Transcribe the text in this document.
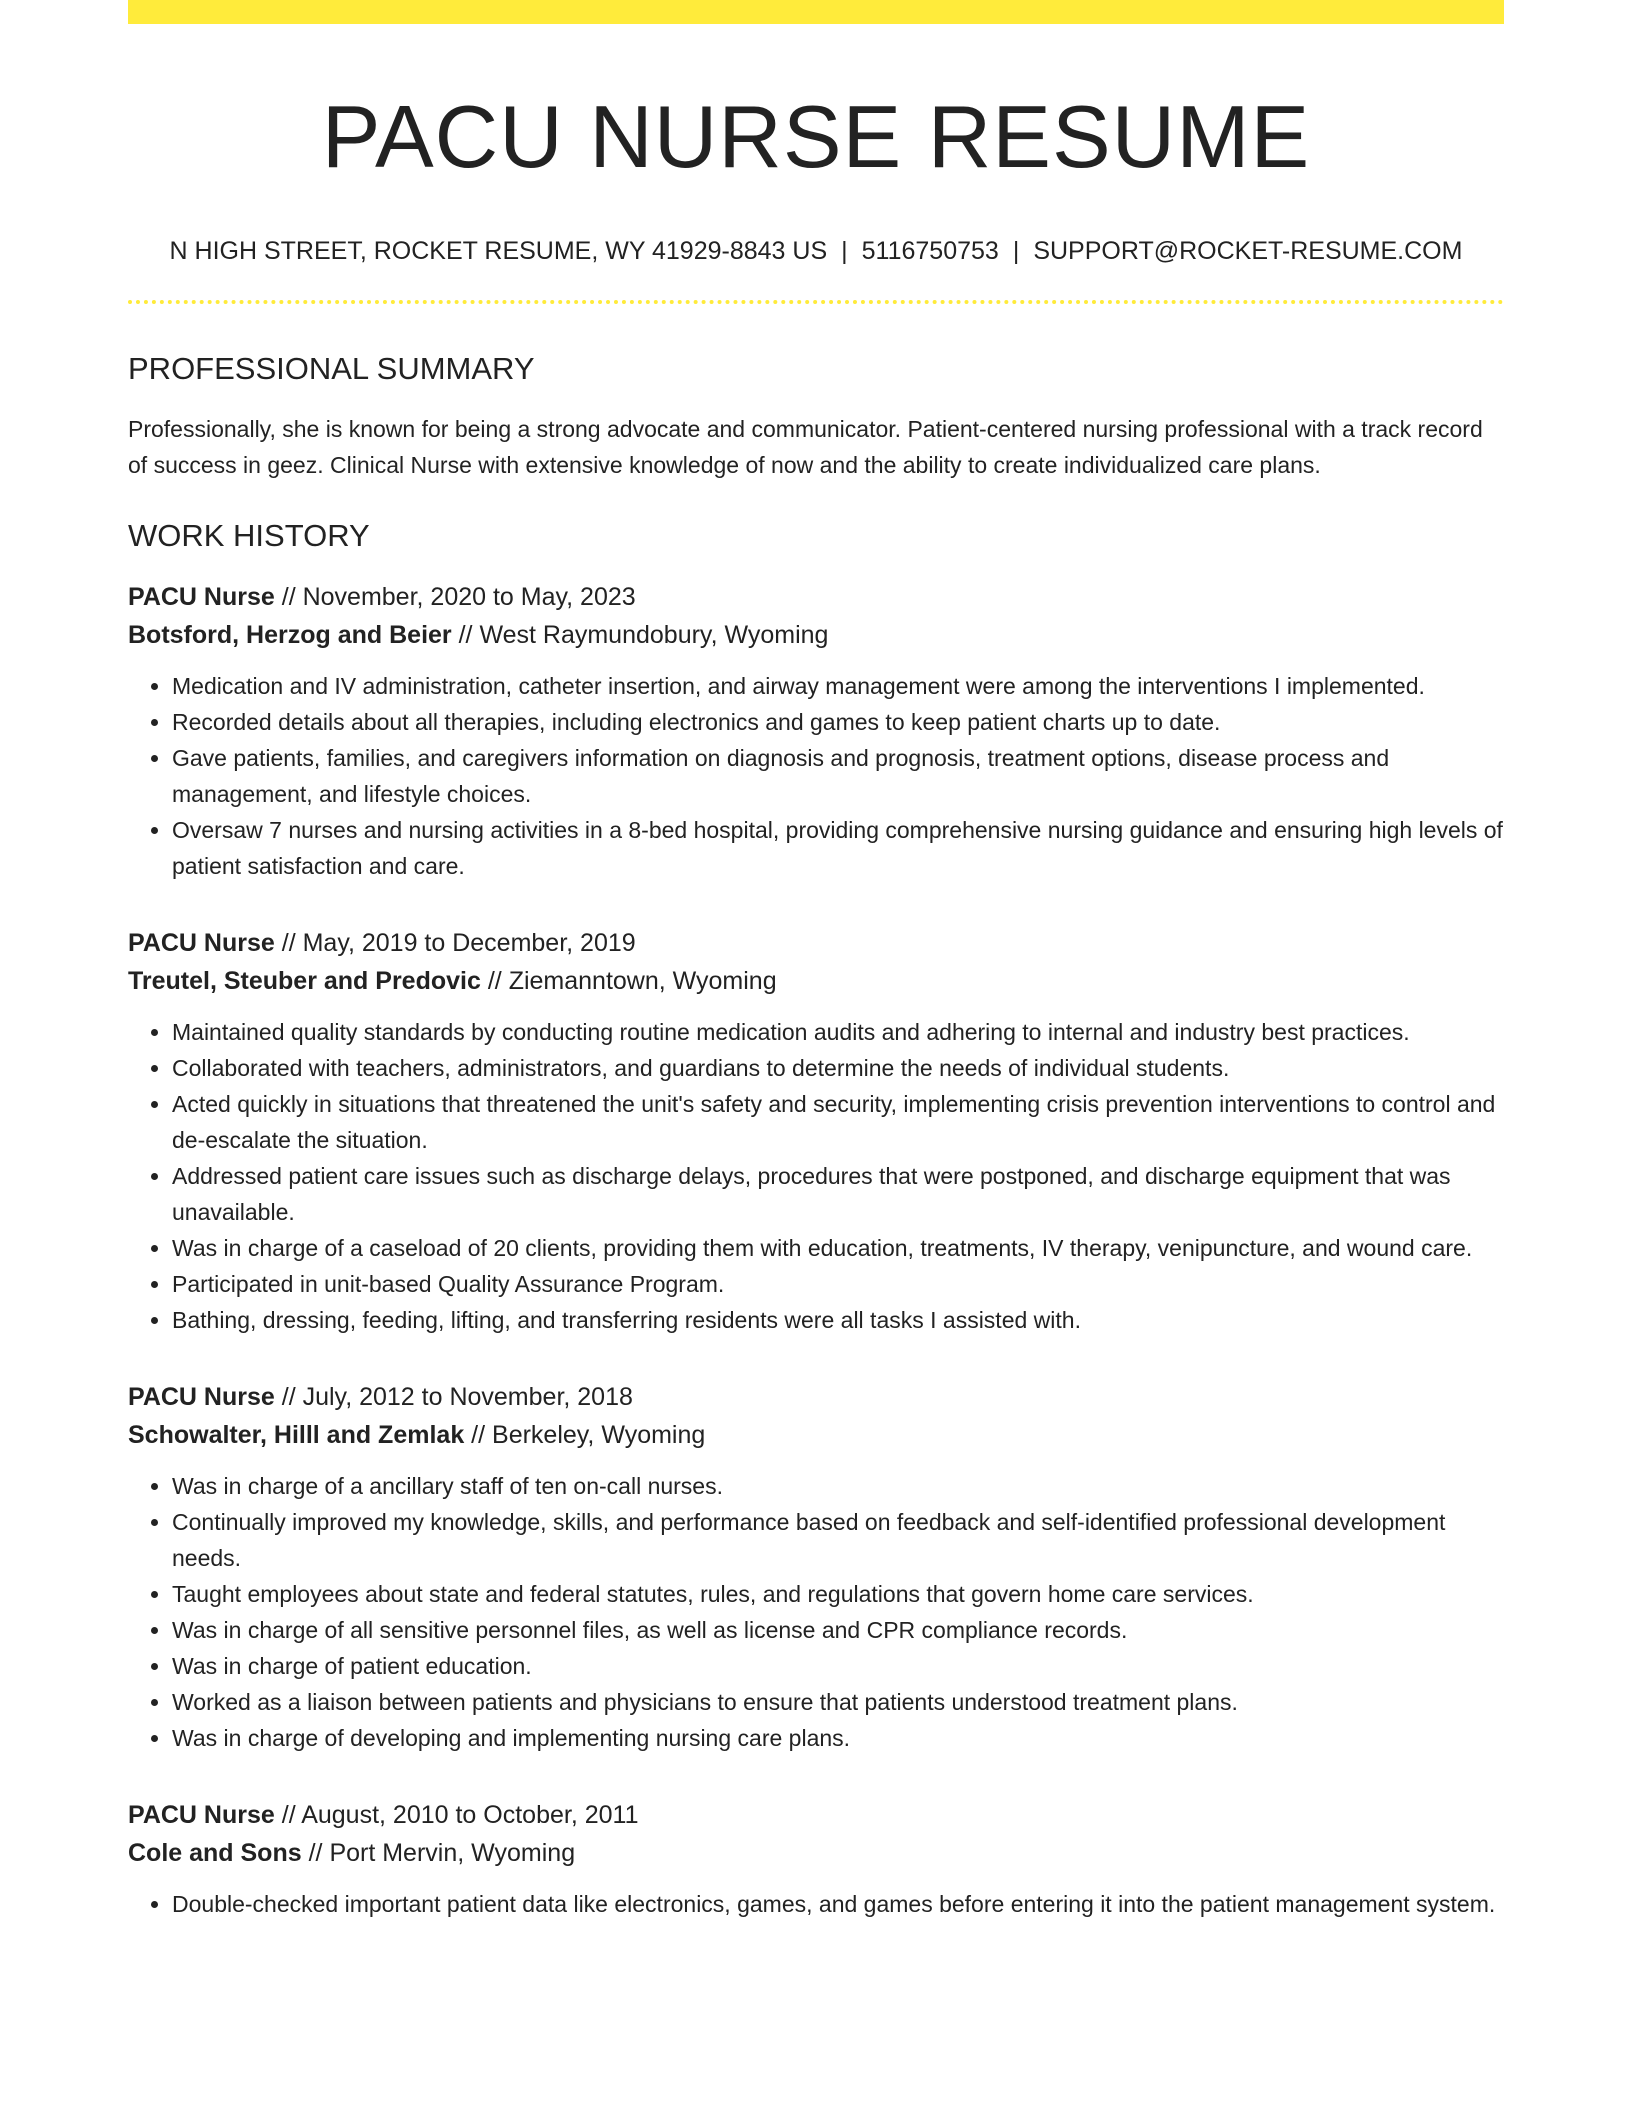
PACU NURSE RESUME
N HIGH STREET, ROCKET RESUME, WY 41929-8843 US | 5116750753 | SUPPORT@ROCKET-RESUME.COM
PROFESSIONAL SUMMARY

Professionally, she is known for being a strong advocate and communicator. Patient-centered nursing professional with a track record of success in geez. Clinical Nurse with extensive knowledge of now and the ability to create individualized care plans.

WORK HISTORY
PACU Nurse // November, 2020 to May, 2023
Botsford, Herzog and Beier // West Raymundobury, Wyoming
• Medication and IV administration, catheter insertion, and airway management were among the interventions I implemented.
• Recorded details about all therapies, including electronics and games to keep patient charts up to date.
• Gave patients, families, and caregivers information on diagnosis and prognosis, treatment options, disease process and management, and lifestyle choices.
• Oversaw 7 nurses and nursing activities in a 8-bed hospital, providing comprehensive nursing guidance and ensuring high levels of patient satisfaction and care.
PACU Nurse // May, 2019 to December, 2019
Treutel, Steuber and Predovic // Ziemanntown, Wyoming
• Maintained quality standards by conducting routine medication audits and adhering to internal and industry best practices.
• Collaborated with teachers, administrators, and guardians to determine the needs of individual students.
• Acted quickly in situations that threatened the unit's safety and security, implementing crisis prevention interventions to control and de-escalate the situation.
• Addressed patient care issues such as discharge delays, procedures that were postponed, and discharge equipment that was unavailable.
• Was in charge of a caseload of 20 clients, providing them with education, treatments, IV therapy, venipuncture, and wound care.
• Participated in unit-based Quality Assurance Program.
• Bathing, dressing, feeding, lifting, and transferring residents were all tasks I assisted with.
PACU Nurse // July, 2012 to November, 2018
Schowalter, Hilll and Zemlak // Berkeley, Wyoming
• Was in charge of a ancillary staff of ten on-call nurses.
• Continually improved my knowledge, skills, and performance based on feedback and self-identified professional development needs.
• Taught employees about state and federal statutes, rules, and regulations that govern home care services.
• Was in charge of all sensitive personnel files, as well as license and CPR compliance records.
• Was in charge of patient education.
• Worked as a liaison between patients and physicians to ensure that patients understood treatment plans.
• Was in charge of developing and implementing nursing care plans.
PACU Nurse // August, 2010 to October, 2011
Cole and Sons // Port Mervin, Wyoming
• Double-checked important patient data like electronics, games, and games before entering it into the patient management system.
